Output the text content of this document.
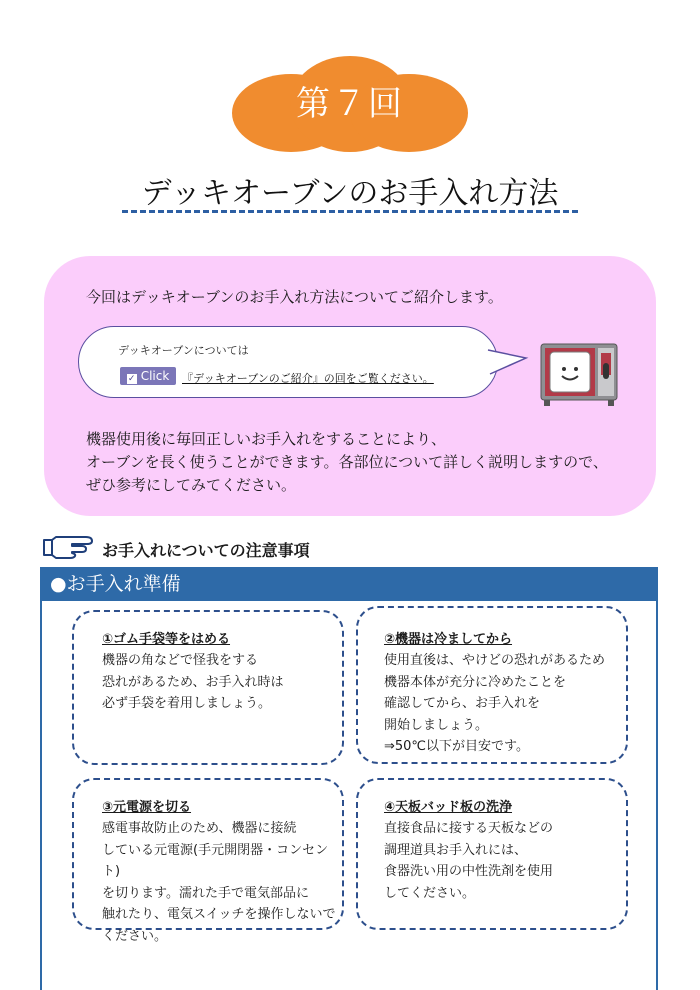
第７回
デッキオーブンのお手入れ方法
今回はデッキオーブンのお手入れ方法についてご紹介します。
デッキオーブンについては
✓ Click	『デッキオーブンのご紹介』の回をご覧ください。
機器使用後に毎回正しいお手入れをすることにより、
オーブンを長く使うことができます。各部位について詳しく説明しますので、
ぜひ参考にしてみてください。
お手入れについての注意事項
●お手入れ準備
①ゴム手袋等をはめる
機器の角などで怪我をする
恐れがあるため、お手入れ時は
必ず手袋を着用しましょう。
②機器は冷ましてから
使用直後は、やけどの恐れがあるため
機器本体が充分に冷めたことを
確認してから、お手入れを
開始しましょう。
⇒50℃以下が目安です。
③元電源を切る
感電事故防止のため、機器に接続
している元電源(手元開閉器・コンセント)
を切ります。濡れた手で電気部品に
触れたり、電気スイッチを操作しないで
ください。
④天板バッド板の洗浄
直接食品に接する天板などの
調理道具お手入れには、
食器洗い用の中性洗剤を使用
してください。
